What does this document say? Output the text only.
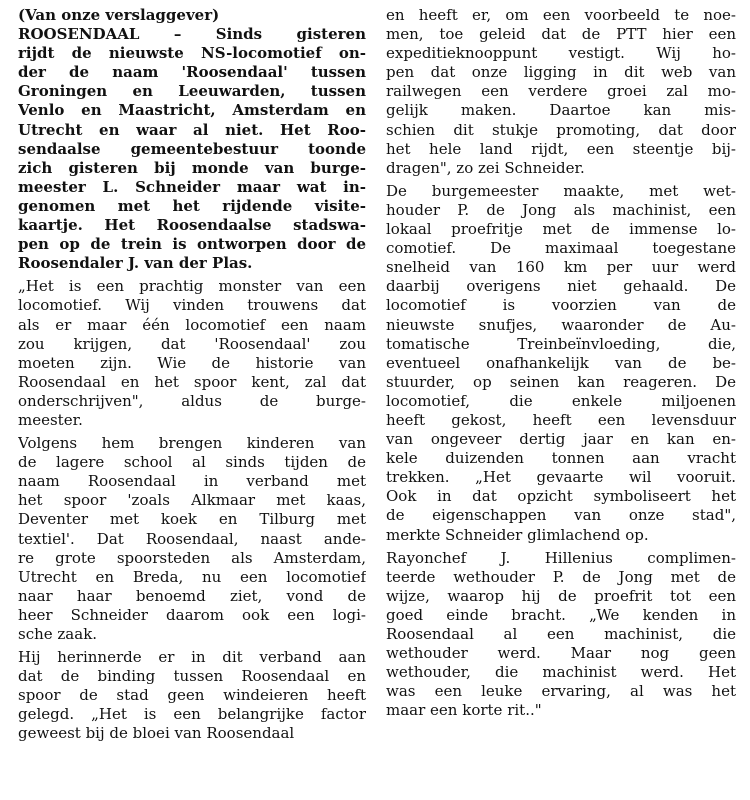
(Van onze verslaggever)
ROOSENDAAL – Sinds gisteren
rijdt de nieuwste NS-locomotief on-
der de naam 'Roosendaal' tussen
Groningen en Leeuwarden, tussen
Venlo en Maastricht, Amsterdam en
Utrecht en waar al niet. Het Roo-
sendaalse gemeentebestuur toonde
zich gisteren bij monde van burge-
meester L. Schneider maar wat in-
genomen met het rijdende visite-
kaartje. Het Roosendaalse stadswa-
pen op de trein is ontworpen door de
Roosendaler J. van der Plas.
„Het is een prachtig monster van een
locomotief. Wij vinden trouwens dat
als er maar één locomotief een naam
zou krijgen, dat 'Roosendaal' zou
moeten zijn. Wie de historie van
Roosendaal en het spoor kent, zal dat
onderschrijven", aldus de burge-
meester.
Volgens hem brengen kinderen van
de lagere school al sinds tijden de
naam Roosendaal in verband met
het spoor 'zoals Alkmaar met kaas,
Deventer met koek en Tilburg met
textiel'. Dat Roosendaal, naast ande-
re grote spoorsteden als Amsterdam,
Utrecht en Breda, nu een locomotief
naar haar benoemd ziet, vond de
heer Schneider daarom ook een logi-
sche zaak.
Hij herinnerde er in dit verband aan
dat de binding tussen Roosendaal en
spoor de stad geen windeieren heeft
gelegd. „Het is een belangrijke factor
geweest bij de bloei van Roosendaal
en heeft er, om een voorbeeld te noe-
men, toe geleid dat de PTT hier een
expeditieknooppunt vestigt. Wij ho-
pen dat onze ligging in dit web van
railwegen een verdere groei zal mo-
gelijk maken. Daartoe kan mis-
schien dit stukje promoting, dat door
het hele land rijdt, een steentje bij-
dragen", zo zei Schneider.
De burgemeester maakte, met wet-
houder P. de Jong als machinist, een
lokaal proefritje met de immense lo-
comotief. De maximaal toegestane
snelheid van 160 km per uur werd
daarbij overigens niet gehaald. De
locomotief is voorzien van de
nieuwste snufjes, waaronder de Au-
tomatische Treinbeïnvloeding, die,
eventueel onafhankelijk van de be-
stuurder, op seinen kan reageren. De
locomotief, die enkele miljoenen
heeft gekost, heeft een levensduur
van ongeveer dertig jaar en kan en-
kele duizenden tonnen aan vracht
trekken. „Het gevaarte wil vooruit.
Ook in dat opzicht symboliseert het
de eigenschappen van onze stad",
merkte Schneider glimlachend op.
Rayonchef J. Hillenius complimen-
teerde wethouder P. de Jong met de
wijze, waarop hij de proefrit tot een
goed einde bracht. „We kenden in
Roosendaal al een machinist, die
wethouder werd. Maar nog geen
wethouder, die machinist werd. Het
was een leuke ervaring, al was het
maar een korte rit.."
